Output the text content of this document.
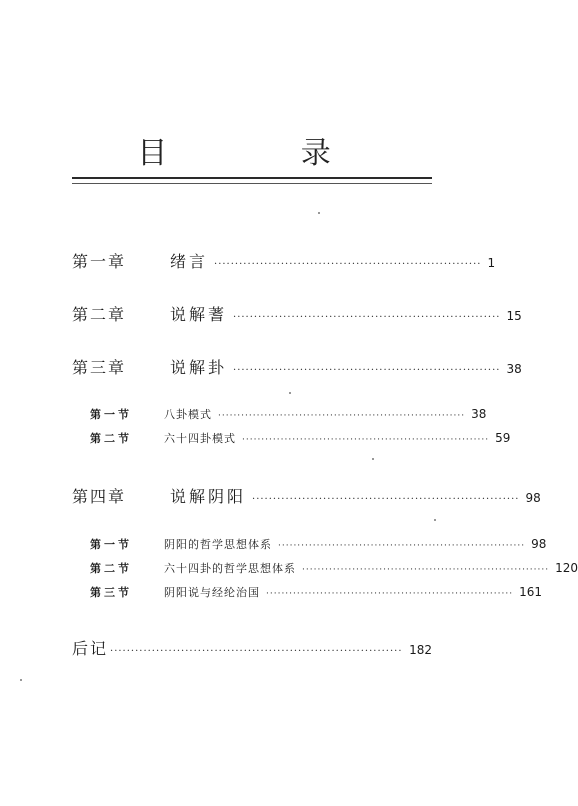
目 录
第一章	绪言 ································································ 1
第二章	说解蓍 ································································ 15
第三章	说解卦 ································································ 38
第一节	八卦模式 ································································ 38
第二节	六十四卦模式 ································································ 59
第四章	说解阴阳 ································································ 98
第一节	阴阳的哲学思想体系 ································································ 98
第二节	六十四卦的哲学思想体系 ································································ 120
第三节	阴阳说与经纶治国 ································································ 161
后记 ······································································ 182
